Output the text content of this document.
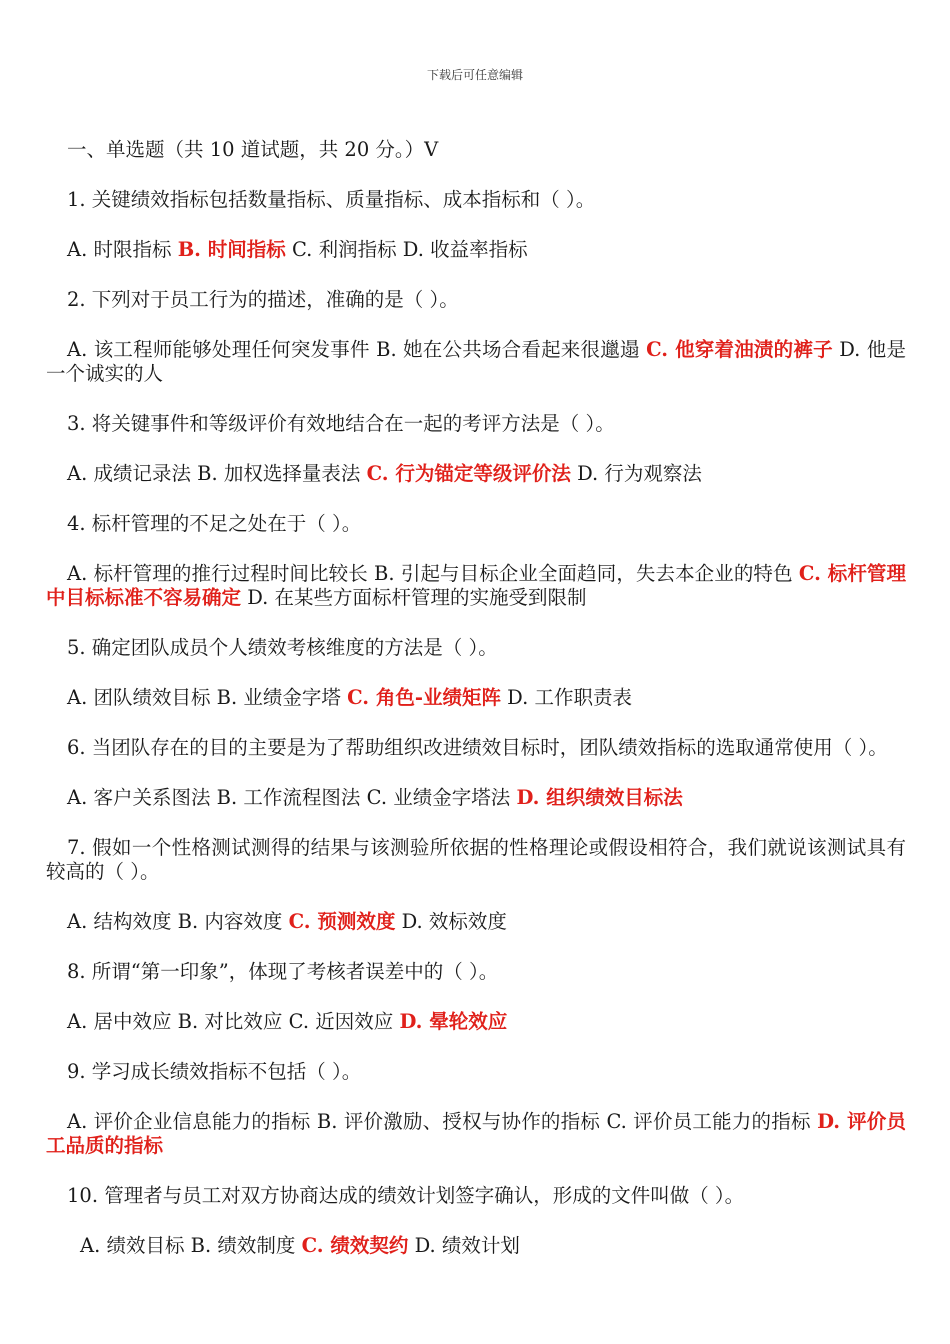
下载后可任意编辑
一、单选题（共 10 道试题，共 20 分。）V
1. 关键绩效指标包括数量指标、质量指标、成本指标和（ ）。
A. 时限指标 B. 时间指标 C. 利润指标 D. 收益率指标
2. 下列对于员工行为的描述，准确的是（ ）。
A. 该工程师能够处理任何突发事件 B. 她在公共场合看起来很邋遢 C. 他穿着油渍的裤子 D. 他是一个诚实的人
3. 将关键事件和等级评价有效地结合在一起的考评方法是（ ）。
A. 成绩记录法 B. 加权选择量表法 C. 行为锚定等级评价法 D. 行为观察法
4. 标杆管理的不足之处在于（ ）。
A. 标杆管理的推行过程时间比较长 B. 引起与目标企业全面趋同，失去本企业的特色 C. 标杆管理中目标标准不容易确定 D. 在某些方面标杆管理的实施受到限制
5. 确定团队成员个人绩效考核维度的方法是（ ）。
A. 团队绩效目标 B. 业绩金字塔 C. 角色-业绩矩阵 D. 工作职责表
6. 当团队存在的目的主要是为了帮助组织改进绩效目标时，团队绩效指标的选取通常使用（ ）。
A. 客户关系图法 B. 工作流程图法 C. 业绩金字塔法 D. 组织绩效目标法
7. 假如一个性格测试测得的结果与该测验所依据的性格理论或假设相符合，我们就说该测试具有较高的（ ）。
A. 结构效度 B. 内容效度 C. 预测效度 D. 效标效度
8. 所谓“第一印象”，体现了考核者误差中的（ ）。
A. 居中效应 B. 对比效应 C. 近因效应 D. 晕轮效应
9. 学习成长绩效指标不包括（ ）。
A. 评价企业信息能力的指标 B. 评价激励、授权与协作的指标 C. 评价员工能力的指标 D. 评价员工品质的指标
10. 管理者与员工对双方协商达成的绩效计划签字确认，形成的文件叫做（ ）。
A. 绩效目标 B. 绩效制度 C. 绩效契约 D. 绩效计划
